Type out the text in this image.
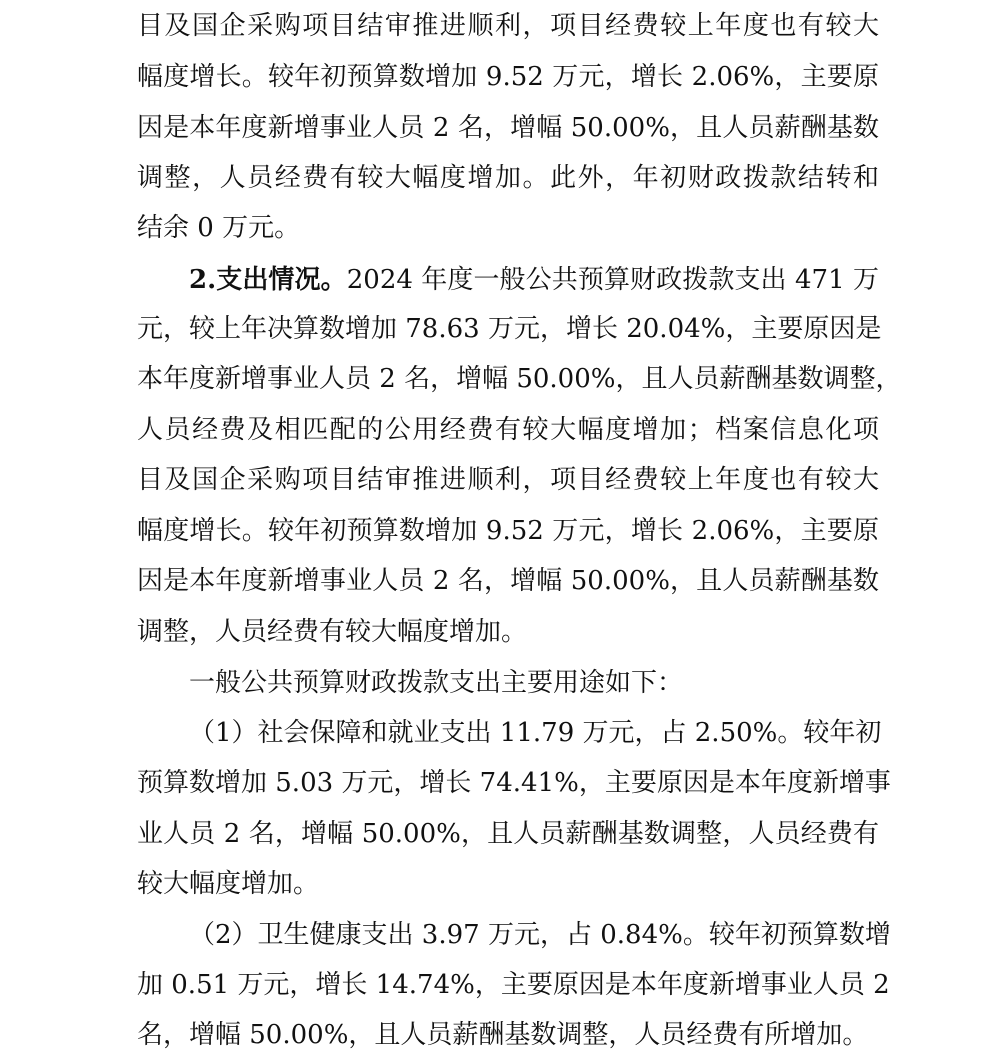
目及国企采购项目结审推进顺利，项目经费较上年度也有较大
幅度增长。较年初预算数增加 9.52 万元，增长 2.06%，主要原
因是本年度新增事业人员 2 名，增幅 50.00%，且人员薪酬基数
调整，人员经费有较大幅度增加。此外，年初财政拨款结转和
结余 0 万元。
2.支出情况。2024 年度一般公共预算财政拨款支出 471 万
元，较上年决算数增加 78.63 万元，增长 20.04%，主要原因是
本年度新增事业人员 2 名，增幅 50.00%，且人员薪酬基数调整，
人员经费及相匹配的公用经费有较大幅度增加；档案信息化项
目及国企采购项目结审推进顺利，项目经费较上年度也有较大
幅度增长。较年初预算数增加 9.52 万元，增长 2.06%，主要原
因是本年度新增事业人员 2 名，增幅 50.00%，且人员薪酬基数
调整，人员经费有较大幅度增加。
一般公共预算财政拨款支出主要用途如下：
（1）社会保障和就业支出 11.79 万元，占 2.50%。较年初
预算数增加 5.03 万元，增长 74.41%，主要原因是本年度新增事
业人员 2 名，增幅 50.00%，且人员薪酬基数调整，人员经费有
较大幅度增加。
（2）卫生健康支出 3.97 万元，占 0.84%。较年初预算数增
加 0.51 万元，增长 14.74%，主要原因是本年度新增事业人员 2
名，增幅 50.00%，且人员薪酬基数调整，人员经费有所增加。
